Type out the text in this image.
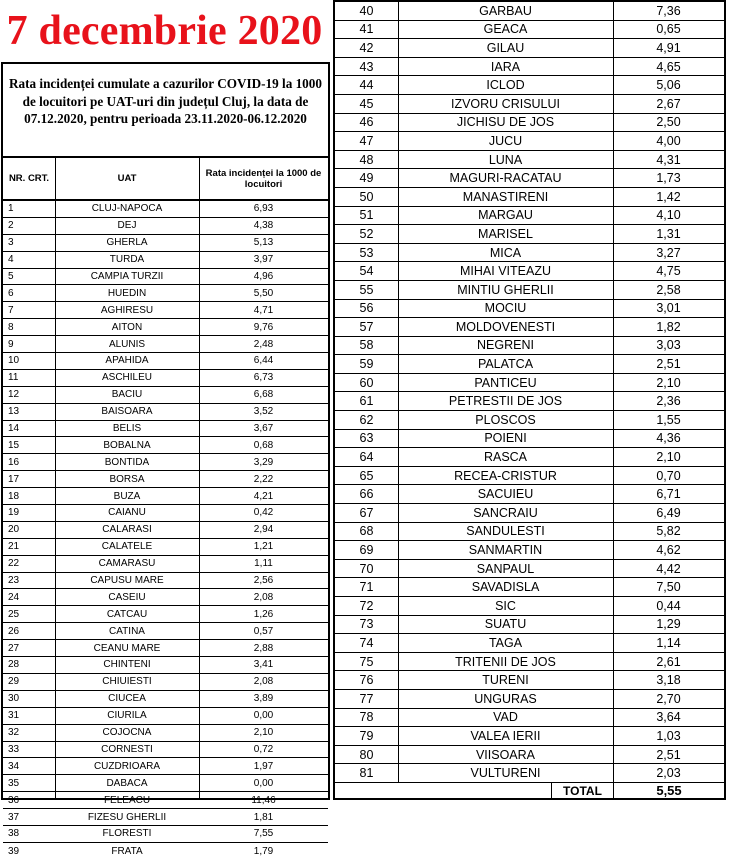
7 decembrie 2020
Rata incidenței cumulate a cazurilor COVID-19 la 1000 de locuitori pe UAT-uri din județul Cluj, la data de 07.12.2020, pentru perioada 23.11.2020-06.12.2020
NR. CRT.	UAT	Rata incidenței la 1000 de locuitori
1	CLUJ-NAPOCA	6,93
2	DEJ	4,38
3	GHERLA	5,13
4	TURDA	3,97
5	CAMPIA TURZII	4,96
6	HUEDIN	5,50
7	AGHIRESU	4,71
8	AITON	9,76
9	ALUNIS	2,48
10	APAHIDA	6,44
11	ASCHILEU	6,73
12	BACIU	6,68
13	BAISOARA	3,52
14	BELIS	3,67
15	BOBALNA	0,68
16	BONTIDA	3,29
17	BORSA	2,22
18	BUZA	4,21
19	CAIANU	0,42
20	CALARASI	2,94
21	CALATELE	1,21
22	CAMARASU	1,11
23	CAPUSU MARE	2,56
24	CASEIU	2,08
25	CATCAU	1,26
26	CATINA	0,57
27	CEANU MARE	2,88
28	CHINTENI	3,41
29	CHIUIESTI	2,08
30	CIUCEA	3,89
31	CIURILA	0,00
32	COJOCNA	2,10
33	CORNESTI	0,72
34	CUZDRIOARA	1,97
35	DABACA	0,00
36	FELEACU	11,46
37	FIZESU GHERLII	1,81
38	FLORESTI	7,55
39	FRATA	1,79
40	GARBAU	7,36
41	GEACA	0,65
42	GILAU	4,91
43	IARA	4,65
44	ICLOD	5,06
45	IZVORU CRISULUI	2,67
46	JICHISU DE JOS	2,50
47	JUCU	4,00
48	LUNA	4,31
49	MAGURI-RACATAU	1,73
50	MANASTIRENI	1,42
51	MARGAU	4,10
52	MARISEL	1,31
53	MICA	3,27
54	MIHAI VITEAZU	4,75
55	MINTIU GHERLII	2,58
56	MOCIU	3,01
57	MOLDOVENESTI	1,82
58	NEGRENI	3,03
59	PALATCA	2,51
60	PANTICEU	2,10
61	PETRESTII DE JOS	2,36
62	PLOSCOS	1,55
63	POIENI	4,36
64	RASCA	2,10
65	RECEA-CRISTUR	0,70
66	SACUIEU	6,71
67	SANCRAIU	6,49
68	SANDULESTI	5,82
69	SANMARTIN	4,62
70	SANPAUL	4,42
71	SAVADISLA	7,50
72	SIC	0,44
73	SUATU	1,29
74	TAGA	1,14
75	TRITENII DE JOS	2,61
76	TURENI	3,18
77	UNGURAS	2,70
78	VAD	3,64
79	VALEA IERII	1,03
80	VIISOARA	2,51
81	VULTURENI	2,03
TOTAL	5,55
